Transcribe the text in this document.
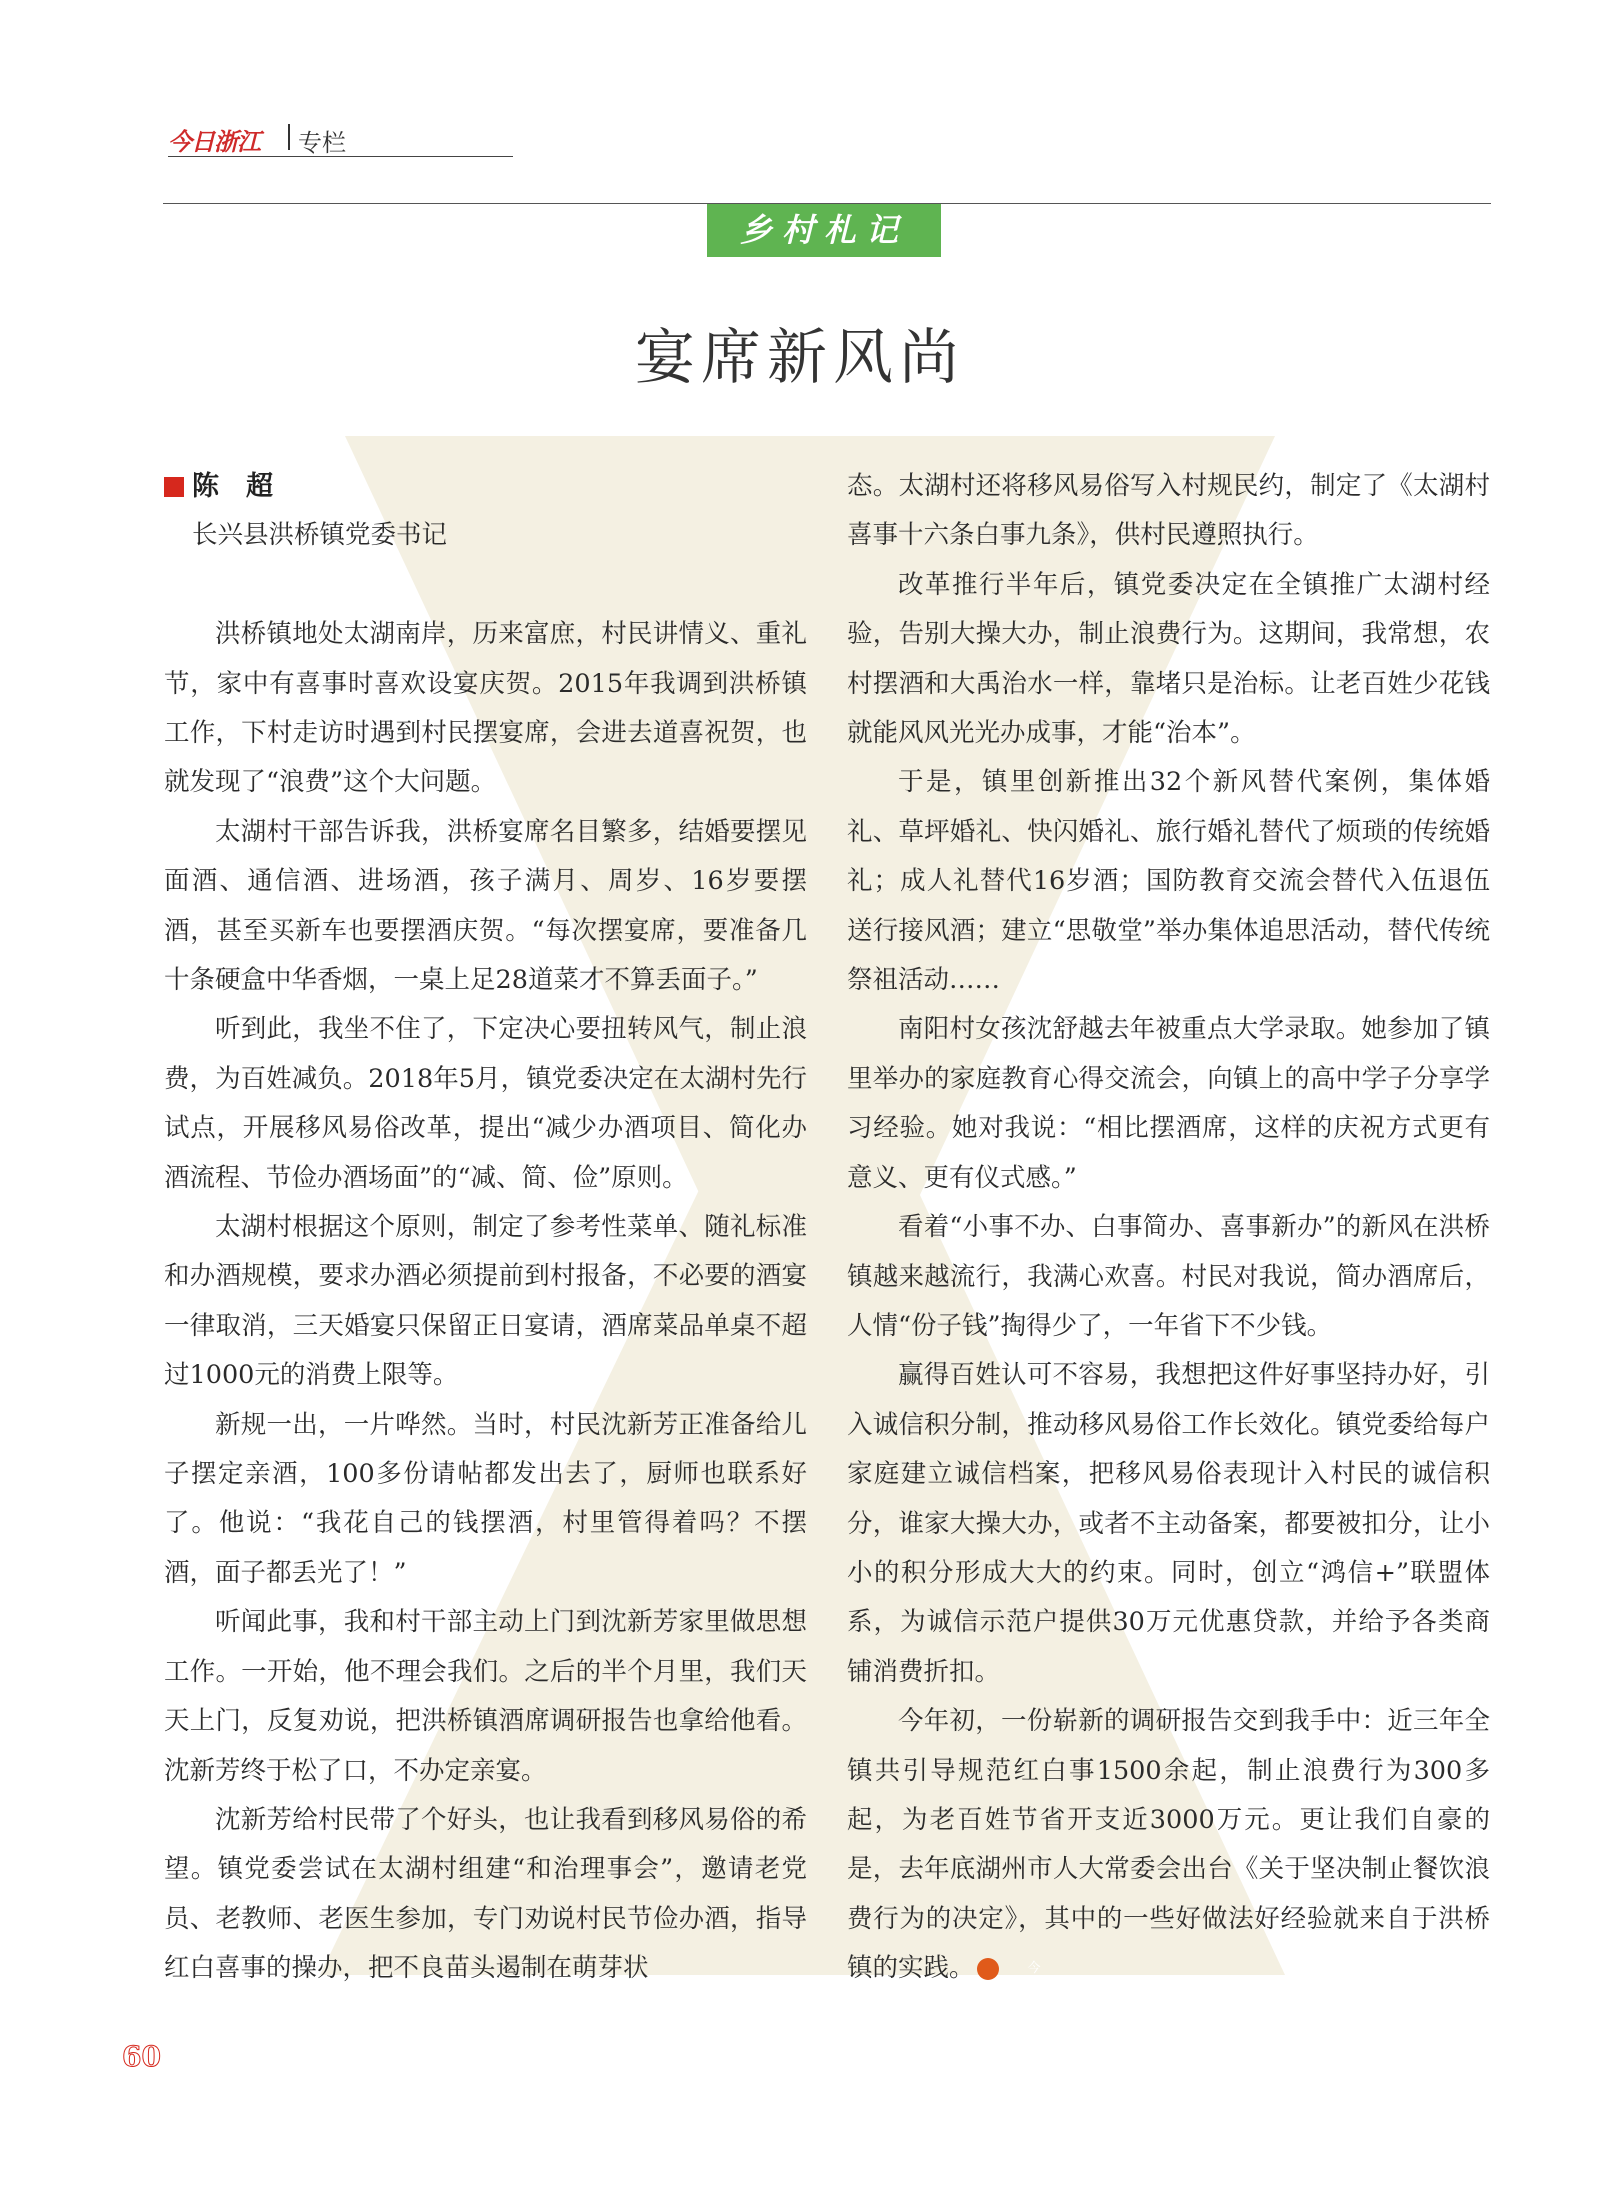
今日浙江 专栏
乡村札记
宴席新风尚
陈　超
长兴县洪桥镇党委书记

洪桥镇地处太湖南岸，历来富庶，村民讲情义、重礼节，家中有喜事时喜欢设宴庆贺。2015年我调到洪桥镇工作，下村走访时遇到村民摆宴席，会进去道喜祝贺，也就发现了“浪费”这个大问题。

太湖村干部告诉我，洪桥宴席名目繁多，结婚要摆见面酒、通信酒、进场酒，孩子满月、周岁、16岁要摆酒，甚至买新车也要摆酒庆贺。“每次摆宴席，要准备几十条硬盒中华香烟，一桌上足28道菜才不算丢面子。”

听到此，我坐不住了，下定决心要扭转风气，制止浪费，为百姓减负。2018年5月，镇党委决定在太湖村先行试点，开展移风易俗改革，提出“减少办酒项目、简化办酒流程、节俭办酒场面”的“减、简、俭”原则。

太湖村根据这个原则，制定了参考性菜单、随礼标准和办酒规模，要求办酒必须提前到村报备，不必要的酒宴一律取消，三天婚宴只保留正日宴请，酒席菜品单桌不超过1000元的消费上限等。

新规一出，一片哗然。当时，村民沈新芳正准备给儿子摆定亲酒，100多份请帖都发出去了，厨师也联系好了。他说：“我花自己的钱摆酒，村里管得着吗？不摆酒，面子都丢光了！”

听闻此事，我和村干部主动上门到沈新芳家里做思想工作。一开始，他不理会我们。之后的半个月里，我们天天上门，反复劝说，把洪桥镇酒席调研报告也拿给他看。沈新芳终于松了口，不办定亲宴。

沈新芳给村民带了个好头，也让我看到移风易俗的希望。镇党委尝试在太湖村组建“和治理事会”，邀请老党员、老教师、老医生参加，专门劝说村民节俭办酒，指导红白喜事的操办，把不良苗头遏制在萌芽状

态。太湖村还将移风易俗写入村规民约，制定了《太湖村喜事十六条白事九条》，供村民遵照执行。

改革推行半年后，镇党委决定在全镇推广太湖村经验，告别大操大办，制止浪费行为。这期间，我常想，农村摆酒和大禹治水一样，靠堵只是治标。让老百姓少花钱就能风风光光办成事，才能“治本”。

于是，镇里创新推出32个新风替代案例，集体婚礼、草坪婚礼、快闪婚礼、旅行婚礼替代了烦琐的传统婚礼；成人礼替代16岁酒；国防教育交流会替代入伍退伍送行接风酒；建立“思敬堂”举办集体追思活动，替代传统祭祖活动……

南阳村女孩沈舒越去年被重点大学录取。她参加了镇里举办的家庭教育心得交流会，向镇上的高中学子分享学习经验。她对我说：“相比摆酒席，这样的庆祝方式更有意义、更有仪式感。”

看着“小事不办、白事简办、喜事新办”的新风在洪桥镇越来越流行，我满心欢喜。村民对我说，简办酒席后，人情“份子钱”掏得少了，一年省下不少钱。

赢得百姓认可不容易，我想把这件好事坚持办好，引入诚信积分制，推动移风易俗工作长效化。镇党委给每户家庭建立诚信档案，把移风易俗表现计入村民的诚信积分，谁家大操大办，或者不主动备案，都要被扣分，让小小的积分形成大大的约束。同时，创立“鸿信+”联盟体系，为诚信示范户提供30万元优惠贷款，并给予各类商铺消费折扣。

今年初，一份崭新的调研报告交到我手中：近三年全镇共引导规范红白事1500余起，制止浪费行为300多起，为老百姓节省开支近3000万元。更让我们自豪的是，去年底湖州市人大常委会出台《关于坚决制止餐饮浪费行为的决定》，其中的一些好做法好经验就来自于洪桥镇的实践。	今

60
